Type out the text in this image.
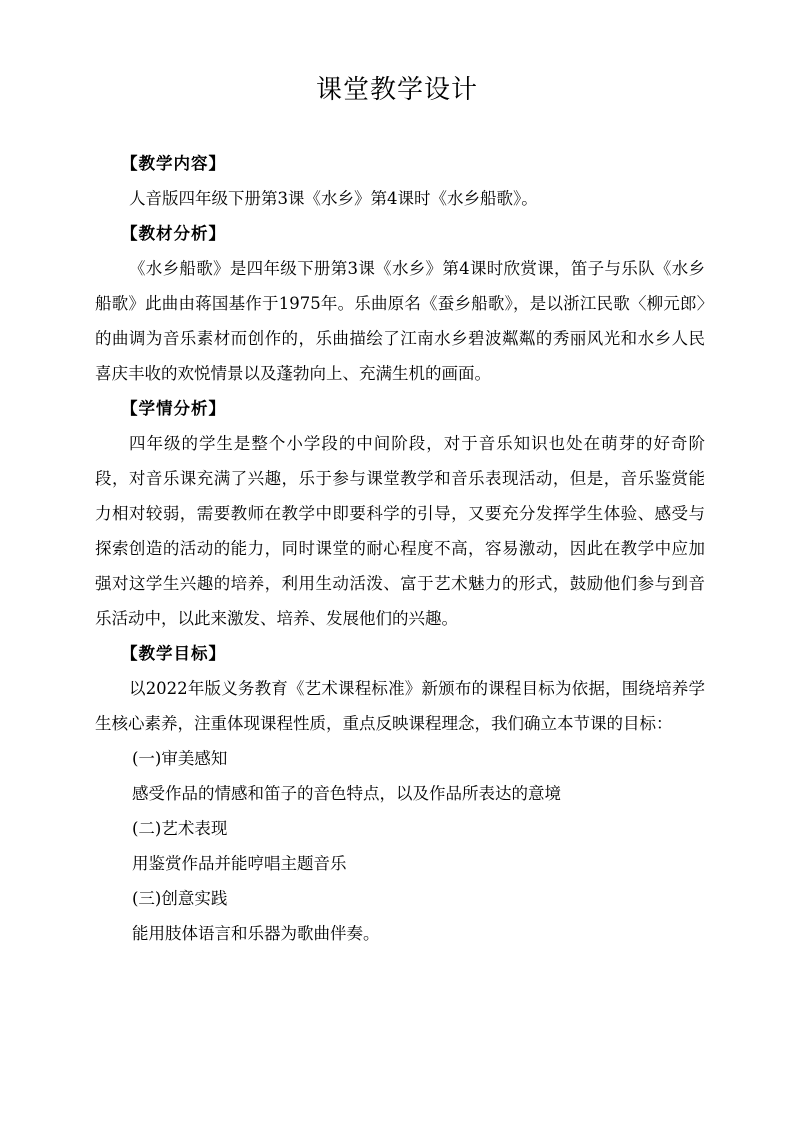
课堂教学设计

【教学内容】

人音版四年级下册第3课《水乡》第4课时《水乡船歌》。

【教材分析】

《水乡船歌》是四年级下册第3课《水乡》第4课时欣赏课，笛子与乐队《水乡船歌》此曲由蒋国基作于1975年。乐曲原名《蚕乡船歌》，是以浙江民歌〈柳元郎〉的曲调为音乐素材而创作的，乐曲描绘了江南水乡碧波粼粼的秀丽风光和水乡人民喜庆丰收的欢悦情景以及蓬勃向上、充满生机的画面。

【学情分析】

四年级的学生是整个小学段的中间阶段，对于音乐知识也处在萌芽的好奇阶段，对音乐课充满了兴趣，乐于参与课堂教学和音乐表现活动，但是，音乐鉴赏能力相对较弱，需要教师在教学中即要科学的引导，又要充分发挥学生体验、感受与探索创造的活动的能力，同时课堂的耐心程度不高，容易激动，因此在教学中应加强对这学生兴趣的培养，利用生动活泼、富于艺术魅力的形式，鼓励他们参与到音乐活动中，以此来激发、培养、发展他们的兴趣。

【教学目标】

以2022年版义务教育《艺术课程标准》新颁布的课程目标为依据，围绕培养学生核心素养，注重体现课程性质，重点反映课程理念，我们确立本节课的目标：

(一)审美感知

感受作品的情感和笛子的音色特点，以及作品所表达的意境

(二)艺术表现

用鉴赏作品并能哼唱主题音乐

(三)创意实践

能用肢体语言和乐器为歌曲伴奏。
